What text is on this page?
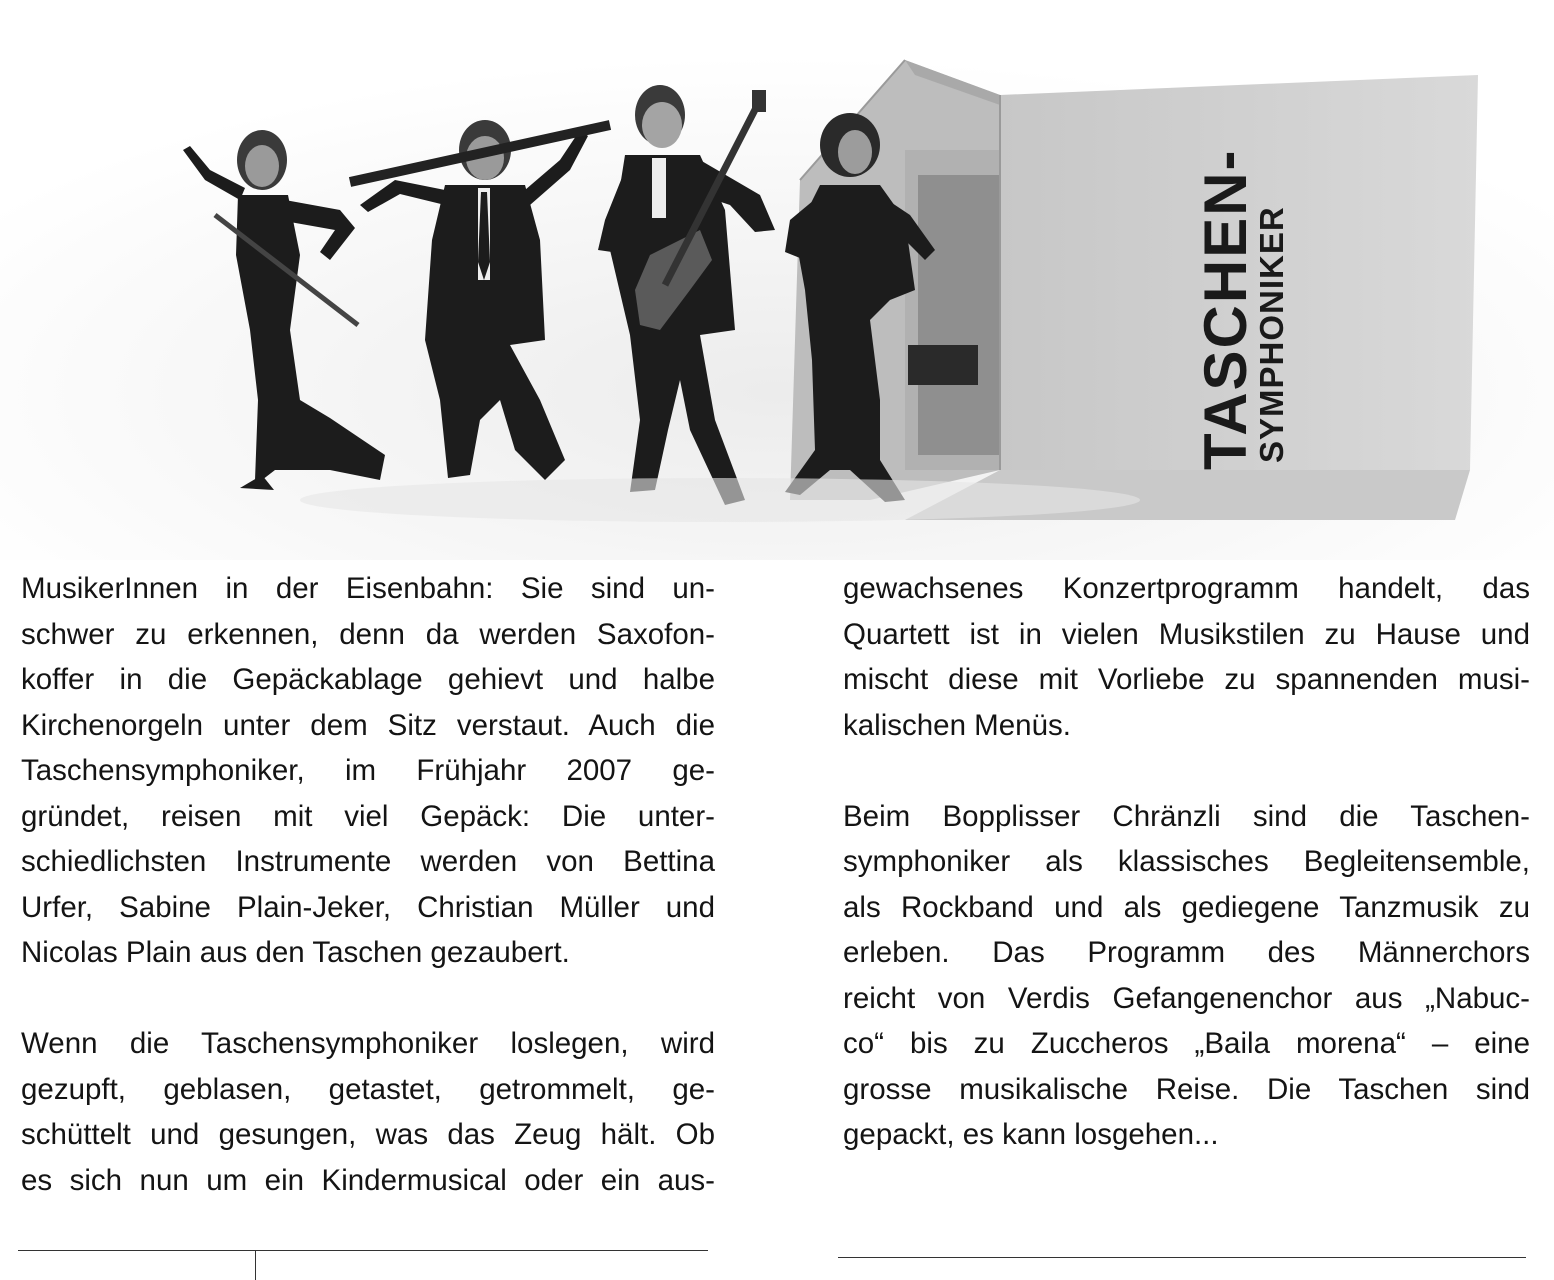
TASCHEN-
SYMPHONIKER

MusikerInnen in der Eisenbahn: Sie sind un-
schwer zu erkennen, denn da werden Saxofon-
koffer in die Gepäckablage gehievt und halbe
Kirchenorgeln unter dem Sitz verstaut. Auch die
Taschensymphoniker, im Frühjahr 2007 ge-
gründet, reisen mit viel Gepäck: Die unter-
schiedlichsten Instrumente werden von Bettina
Urfer, Sabine Plain-Jeker, Christian Müller und

Nicolas Plain aus den Taschen gezaubert.

Wenn die Taschensymphoniker loslegen, wird
gezupft, geblasen, getastet, getrommelt, ge-
schüttelt und gesungen, was das Zeug hält. Ob
es sich nun um ein Kindermusical oder ein aus-

gewachsenes Konzertprogramm handelt, das
Quartett ist in vielen Musikstilen zu Hause und
mischt diese mit Vorliebe zu spannenden musi-

kalischen Menüs.

Beim Bopplisser Chränzli sind die Taschen-
symphoniker als klassisches Begleitensemble,
als Rockband und als gediegene Tanzmusik zu
erleben. Das Programm des Männerchors
reicht von Verdis Gefangenenchor aus „Nabuc-
co“ bis zu Zuccheros „Baila morena“ – eine
grosse musikalische Reise. Die Taschen sind

gepackt, es kann losgehen...
